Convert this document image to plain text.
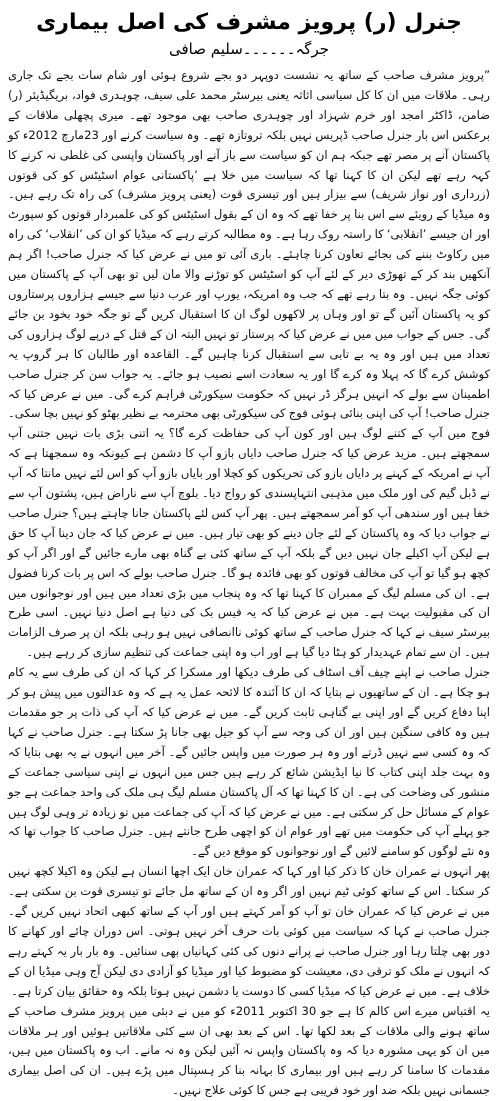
جنرل (ر) پرویز مشرف کی اصل بیماری
جرگہ۔۔۔۔۔۔سلیم صافی

”پرویز مشرف صاحب کے ساتھ یہ نشست دوپہر دو بجے شروع ہوئی اور شام سات بجے تک جاری رہی۔ ملاقات میں ان کا کل سیاسی اثاثہ یعنی بیرسٹر محمد علی سیف، چوہدری فواد، بریگیڈیئر (ر) ضامن، ڈاکٹر امجد اور خرم شہزاد اور چوہدری صاحب بھی موجود تھے۔ میری پچھلی ملاقات کے برعکس اس بار جنرل صاحب ڈپریس نہیں بلکہ تروتازہ تھے۔ وہ سیاست کرنے اور 23مارچ 2012ء کو پاکستان آنے پر مصر تھے جبکہ ہم ان کو سیاست سے باز آنے اور پاکستان واپسی کی غلطی نہ کرنے کا کہہ رہے تھے لیکن ان کا کہنا تھا کہ سیاست میں خلا ہے ’پاکستانی عوام اسٹیٹس کو کی قوتوں (زرداری اور نواز شریف) سے بیزار ہیں اور تیسری قوت (یعنی پرویز مشرف) کی راہ تک رہے ہیں۔ وہ میڈیا کے رویئے سے اس بنا پر خفا تھے کہ وہ ان کے بقول اسٹیٹس کو کی علمبردار قوتوں کو سپورٹ اور ان جیسے ’انقلابی‘ کا راستہ روک رہا ہے۔ وہ مطالبہ کرتے رہے کہ میڈیا کو ان کی ’انقلاب‘ کی راہ میں رکاوٹ بننے کی بجائے تعاون کرنا چاہئے۔ باری آئی تو میں نے عرض کیا کہ جنرل صاحب! اگر ہم آنکھیں بند کر کے تھوڑی دیر کے لئے آپ کو اسٹیٹس کو توڑنے والا مان لیں تو بھی آپ کے پاکستان میں کوئی جگہ نہیں۔ وہ بتا رہے تھے کہ جب وہ امریکہ، یورپ اور عرب دنیا سے جیسے ہزاروں پرستاروں کو یہ پاکستان آئیں گے تو اور وہاں پر لاکھوں لوگ ان کا استقبال کریں گے تو جگہ خود بخود بن جائے گی۔ جس کے جواب میں میں نے عرض کیا کہ پرستار تو نہیں البتہ ان کے قتل کے درپے لوگ ہزاروں کی تعداد میں ہیں اور وہ یہ بے تابی سے استقبال کرنا چاہیں گے۔ القاعدہ اور طالبان کا ہر گروپ یہ کوشش کرے گا کہ پہلا وہ کرے گا اور یہ سعادت اسے نصیب ہو جائے۔ یہ جواب سن کر جنرل صاحب اطمینان سے بولے کہ انہیں ہرگز ڈر نہیں کہ حکومت سیکورٹی فراہم کرے گی۔ میں نے عرض کیا کہ جنرل صاحب! آپ کی اپنی بنائی ہوئی فوج کی سیکورٹی بھی محترمہ بے نظیر بھٹو کو نہیں بچا سکی۔ فوج میں آپ کے کتنے لوگ ہیں اور کون آپ کی حفاظت کرے گا؟ یہ اتنی بڑی بات نہیں جتنی آپ سمجھتے ہیں۔ مزید عرض کیا کہ جنرل صاحب دایاں بازو آپ کا دشمن ہے کیونکہ وہ سمجھتا ہے کہ آپ نے امریکہ کے کہنے پر دایاں بازو کی تحریکوں کو کچلا اور بایاں بازو آپ کو اس لئے نہیں مانتا کہ آپ نے ڈبل گیم کی اور ملک میں مذہبی انتہاپسندی کو رواج دیا۔ بلوچ آپ سے ناراض ہیں، پشتون آپ سے خفا ہیں اور سندھی آپ کو آمر سمجھتے ہیں۔ پھر آپ کس لئے پاکستان جانا چاہتے ہیں؟ جنرل صاحب نے جواب دیا کہ وہ پاکستان کے لئے جان دینے کو بھی تیار ہیں۔ میں نے عرض کیا کہ جان دینا آپ کا حق ہے لیکن آپ اکیلے جان نہیں دیں گے بلکہ آپ کے ساتھ کئی بے گناہ بھی مارے جائیں گے اور اگر آپ کو کچھ ہو گیا تو آپ کی مخالف قوتوں کو بھی فائدہ ہو گا۔ جنرل صاحب بولے کہ اس پر بات کرنا فضول ہے۔ ان کی مسلم لیگ کے ممبران کا کہنا تھا کہ وہ پنجاب میں بڑی تعداد میں ہیں اور نوجوانوں میں ان کی مقبولیت بہت ہے۔ میں نے عرض کیا کہ یہ فیس بک کی دنیا ہے اصل دنیا نہیں۔ اسی طرح بیرسٹر سیف نے کہا کہ جنرل صاحب کے ساتھ کوئی ناانصافی نہیں ہو رہی بلکہ ان پر صرف الزامات ہیں۔ ان سے تمام عہدیدار کو ہٹا دیا گیا ہے اور اب وہ اپنی جماعت کی تنظیم سازی کر رہے ہیں۔

جنرل صاحب نے اپنے چیف آف اسٹاف کی طرف دیکھا اور مسکرا کر کہا کہ ان کی طرف سے یہ کام ہو چکا ہے۔ ان کے ساتھیوں نے بتایا کہ ان کا آئندہ کا لائحہ عمل یہ ہے کہ وہ عدالتوں میں پیش ہو کر اپنا دفاع کریں گے اور اپنی بے گناہی ثابت کریں گے۔ میں نے عرض کیا کہ آپ کی ذات پر جو مقدمات ہیں وہ کافی سنگین ہیں اور ان کی وجہ سے آپ کو جیل بھی جانا پڑ سکتا ہے۔ جنرل صاحب نے کہا کہ وہ کسی سے نہیں ڈرتے اور وہ ہر صورت میں واپس جائیں گے۔ آخر میں انہوں نے یہ بھی بتایا کہ وہ بہت جلد اپنی کتاب کا نیا ایڈیشن شائع کر رہے ہیں جس میں انہوں نے اپنی سیاسی جماعت کے منشور کی وضاحت کی ہے۔ ان کا کہنا تھا کہ آل پاکستان مسلم لیگ ہی ملک کی واحد جماعت ہے جو عوام کے مسائل حل کر سکتی ہے۔ میں نے عرض کیا کہ آپ کی جماعت میں تو زیادہ تر وہی لوگ ہیں جو پہلے آپ کی حکومت میں تھے اور عوام ان کو اچھی طرح جانتے ہیں۔ جنرل صاحب کا جواب تھا کہ وہ نئے لوگوں کو سامنے لائیں گے اور نوجوانوں کو موقع دیں گے۔

پھر انہوں نے عمران خان کا ذکر کیا اور کہا کہ عمران خان ایک اچھا انسان ہے لیکن وہ اکیلا کچھ نہیں کر سکتا۔ اس کے ساتھ کوئی ٹیم نہیں اور اگر وہ ان کے ساتھ مل جائے تو تیسری قوت بن سکتی ہے۔ میں نے عرض کیا کہ عمران خان تو آپ کو آمر کہتے ہیں اور آپ کے ساتھ کبھی اتحاد نہیں کریں گے۔ جنرل صاحب نے کہا کہ سیاست میں کوئی بات حرف آخر نہیں ہوتی۔ اس دوران چائے اور کھانے کا دور بھی چلتا رہا اور جنرل صاحب نے پرانے دنوں کی کئی کہانیاں بھی سنائیں۔ وہ بار بار یہ کہتے رہے کہ انہوں نے ملک کو ترقی دی، معیشت کو مضبوط کیا اور میڈیا کو آزادی دی لیکن آج وہی میڈیا ان کے خلاف ہے۔ میں نے عرض کیا کہ میڈیا کسی کا دوست یا دشمن نہیں ہوتا بلکہ وہ حقائق بیان کرتا ہے۔

یہ اقتباس میرے اس کالم کا ہے جو 30 اکتوبر 2011ء کو میں نے دبئی میں پرویز مشرف صاحب کے ساتھ ہونے والی ملاقات کے بعد لکھا تھا۔ اس کے بعد بھی ان سے کئی ملاقاتیں ہوئیں اور ہر ملاقات میں ان کو یہی مشورہ دیا کہ وہ پاکستان واپس نہ آئیں لیکن وہ نہ مانے۔ اب وہ پاکستان میں ہیں، مقدمات کا سامنا کر رہے ہیں اور بیماری کا بہانہ بنا کر ہسپتال میں پڑے ہیں۔ ان کی اصل بیماری جسمانی نہیں بلکہ ضد اور خود فریبی ہے جس کا کوئی علاج نہیں۔
